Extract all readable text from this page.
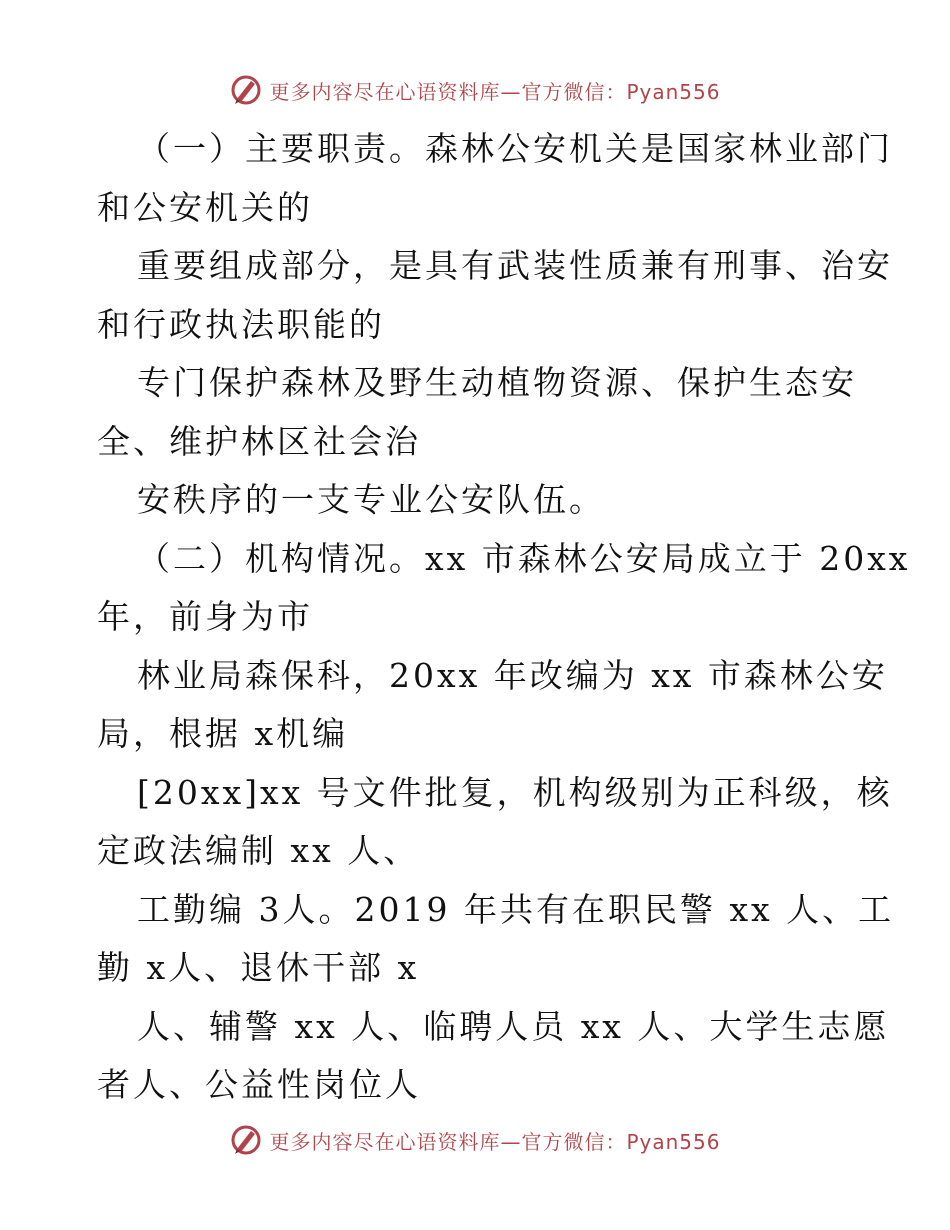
更多内容尽在心语资料库—官方微信：Pyan556
（一）主要职责。森林公安机关是国家林业部门
和公安机关的
重要组成部分，是具有武装性质兼有刑事、治安
和行政执法职能的
专门保护森林及野生动植物资源、保护生态安
全、维护林区社会治
安秩序的一支专业公安队伍。
（二）机构情况。xx 市森林公安局成立于 20xx
年，前身为市
林业局森保科，20xx 年改编为 xx 市森林公安
局，根据 x机编
[20xx]xx 号文件批复，机构级别为正科级，核
定政法编制 xx 人、
工勤编 3人。2019 年共有在职民警 xx 人、工
勤 x人、退休干部 x
人、辅警 xx 人、临聘人员 xx 人、大学生志愿
者人、公益性岗位人
更多内容尽在心语资料库—官方微信：Pyan556
